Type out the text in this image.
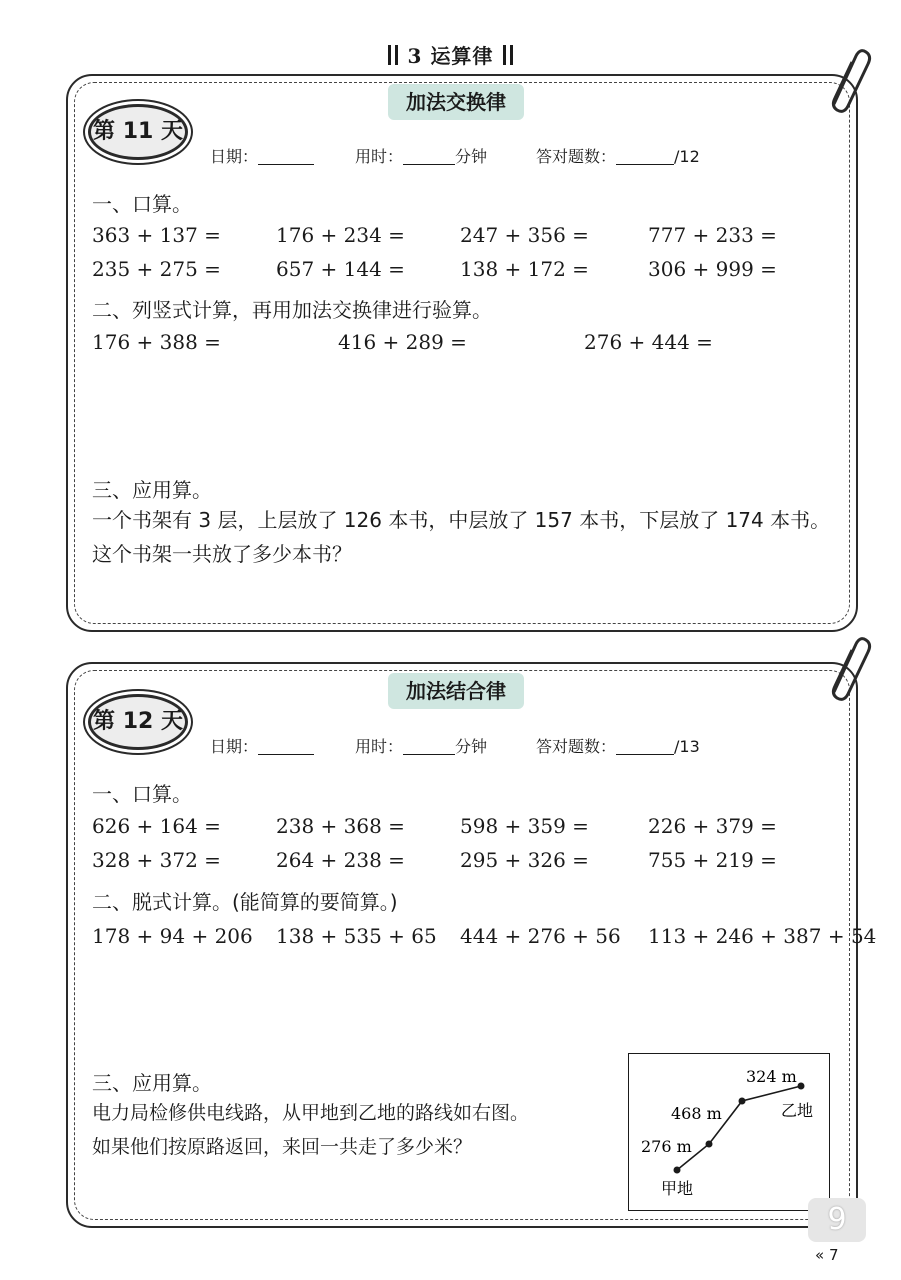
3 运算律
加法交换律
第 11 天
日期：	用时：	分钟	答对题数：	/12
一、口算。
363 + 137 =	176 + 234 =	247 + 356 =	777 + 233 =
235 + 275 =	657 + 144 =	138 + 172 =	306 + 999 =
二、列竖式计算，再用加法交换律进行验算。
176 + 388 =	416 + 289 =	276 + 444 =
三、应用算。
一个书架有 3 层，上层放了 126 本书，中层放了 157 本书，下层放了 174 本书。
这个书架一共放了多少本书？
加法结合律
第 12 天
日期：	用时：	分钟	答对题数：	/13
一、口算。
626 + 164 =	238 + 368 =	598 + 359 =	226 + 379 =
328 + 372 =	264 + 238 =	295 + 326 =	755 + 219 =
二、脱式计算。(能简算的要简算。)
178 + 94 + 206 138 + 535 + 65 444 + 276 + 56 113 + 246 + 387 + 54
三、应用算。
电力局检修供电线路，从甲地到乙地的路线如右图。
如果他们按原路返回，来回一共走了多少米？	276 m
468 m
324 m
甲地
乙地
9
« 7
